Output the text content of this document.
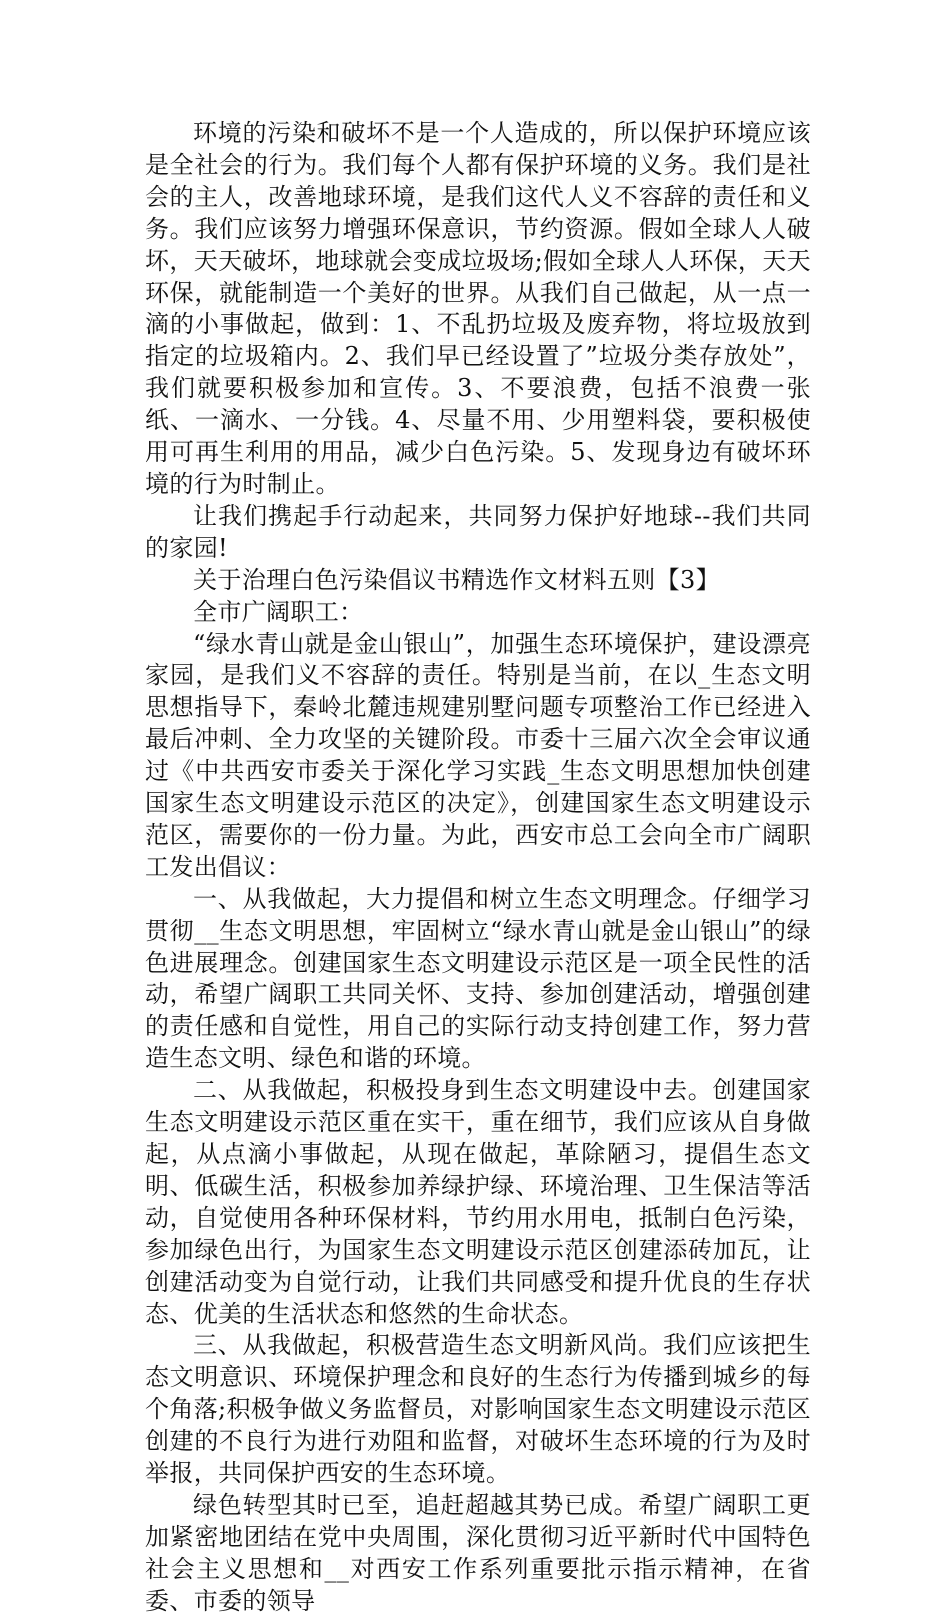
环境的污染和破坏不是一个人造成的，所以保护环境应该是全社会的行为。我们每个人都有保护环境的义务。我们是社会的主人，改善地球环境，是我们这代人义不容辞的责任和义务。我们应该努力增强环保意识，节约资源。假如全球人人破坏，天天破坏，地球就会变成垃圾场;假如全球人人环保，天天环保，就能制造一个美好的世界。从我们自己做起，从一点一滴的小事做起，做到：1、不乱扔垃圾及废弃物，将垃圾放到指定的垃圾箱内。2、我们早已经设置了”垃圾分类存放处”，我们就要积极参加和宣传。3、不要浪费，包括不浪费一张纸、一滴水、一分钱。4、尽量不用、少用塑料袋，要积极使用可再生利用的用品，减少白色污染。5、发现身边有破坏环境的行为时制止。

让我们携起手行动起来，共同努力保护好地球--我们共同的家园!

关于治理白色污染倡议书精选作文材料五则【3】

全市广阔职工：

“绿水青山就是金山银山”，加强生态环境保护，建设漂亮家园，是我们义不容辞的责任。特别是当前，在以_生态文明思想指导下，秦岭北麓违规建别墅问题专项整治工作已经进入最后冲刺、全力攻坚的关键阶段。市委十三届六次全会审议通过《中共西安市委关于深化学习实践_生态文明思想加快创建国家生态文明建设示范区的决定》，创建国家生态文明建设示范区，需要你的一份力量。为此，西安市总工会向全市广阔职工发出倡议：

一、从我做起，大力提倡和树立生态文明理念。仔细学习贯彻__生态文明思想，牢固树立“绿水青山就是金山银山”的绿色进展理念。创建国家生态文明建设示范区是一项全民性的活动，希望广阔职工共同关怀、支持、参加创建活动，增强创建的责任感和自觉性，用自己的实际行动支持创建工作，努力营造生态文明、绿色和谐的环境。

二、从我做起，积极投身到生态文明建设中去。创建国家生态文明建设示范区重在实干，重在细节，我们应该从自身做起，从点滴小事做起，从现在做起，革除陋习，提倡生态文明、低碳生活，积极参加养绿护绿、环境治理、卫生保洁等活动，自觉使用各种环保材料，节约用水用电，抵制白色污染，参加绿色出行，为国家生态文明建设示范区创建添砖加瓦，让创建活动变为自觉行动，让我们共同感受和提升优良的生存状态、优美的生活状态和悠然的生命状态。

三、从我做起，积极营造生态文明新风尚。我们应该把生态文明意识、环境保护理念和良好的生态行为传播到城乡的每个角落;积极争做义务监督员，对影响国家生态文明建设示范区创建的不良行为进行劝阻和监督，对破坏生态环境的行为及时举报，共同保护西安的生态环境。

绿色转型其时已至，追赶超越其势已成。希望广阔职工更加紧密地团结在党中央周围，深化贯彻习近平新时代中国特色社会主义思想和__对西安工作系列重要批示指示精神，在省委、市委的领导
